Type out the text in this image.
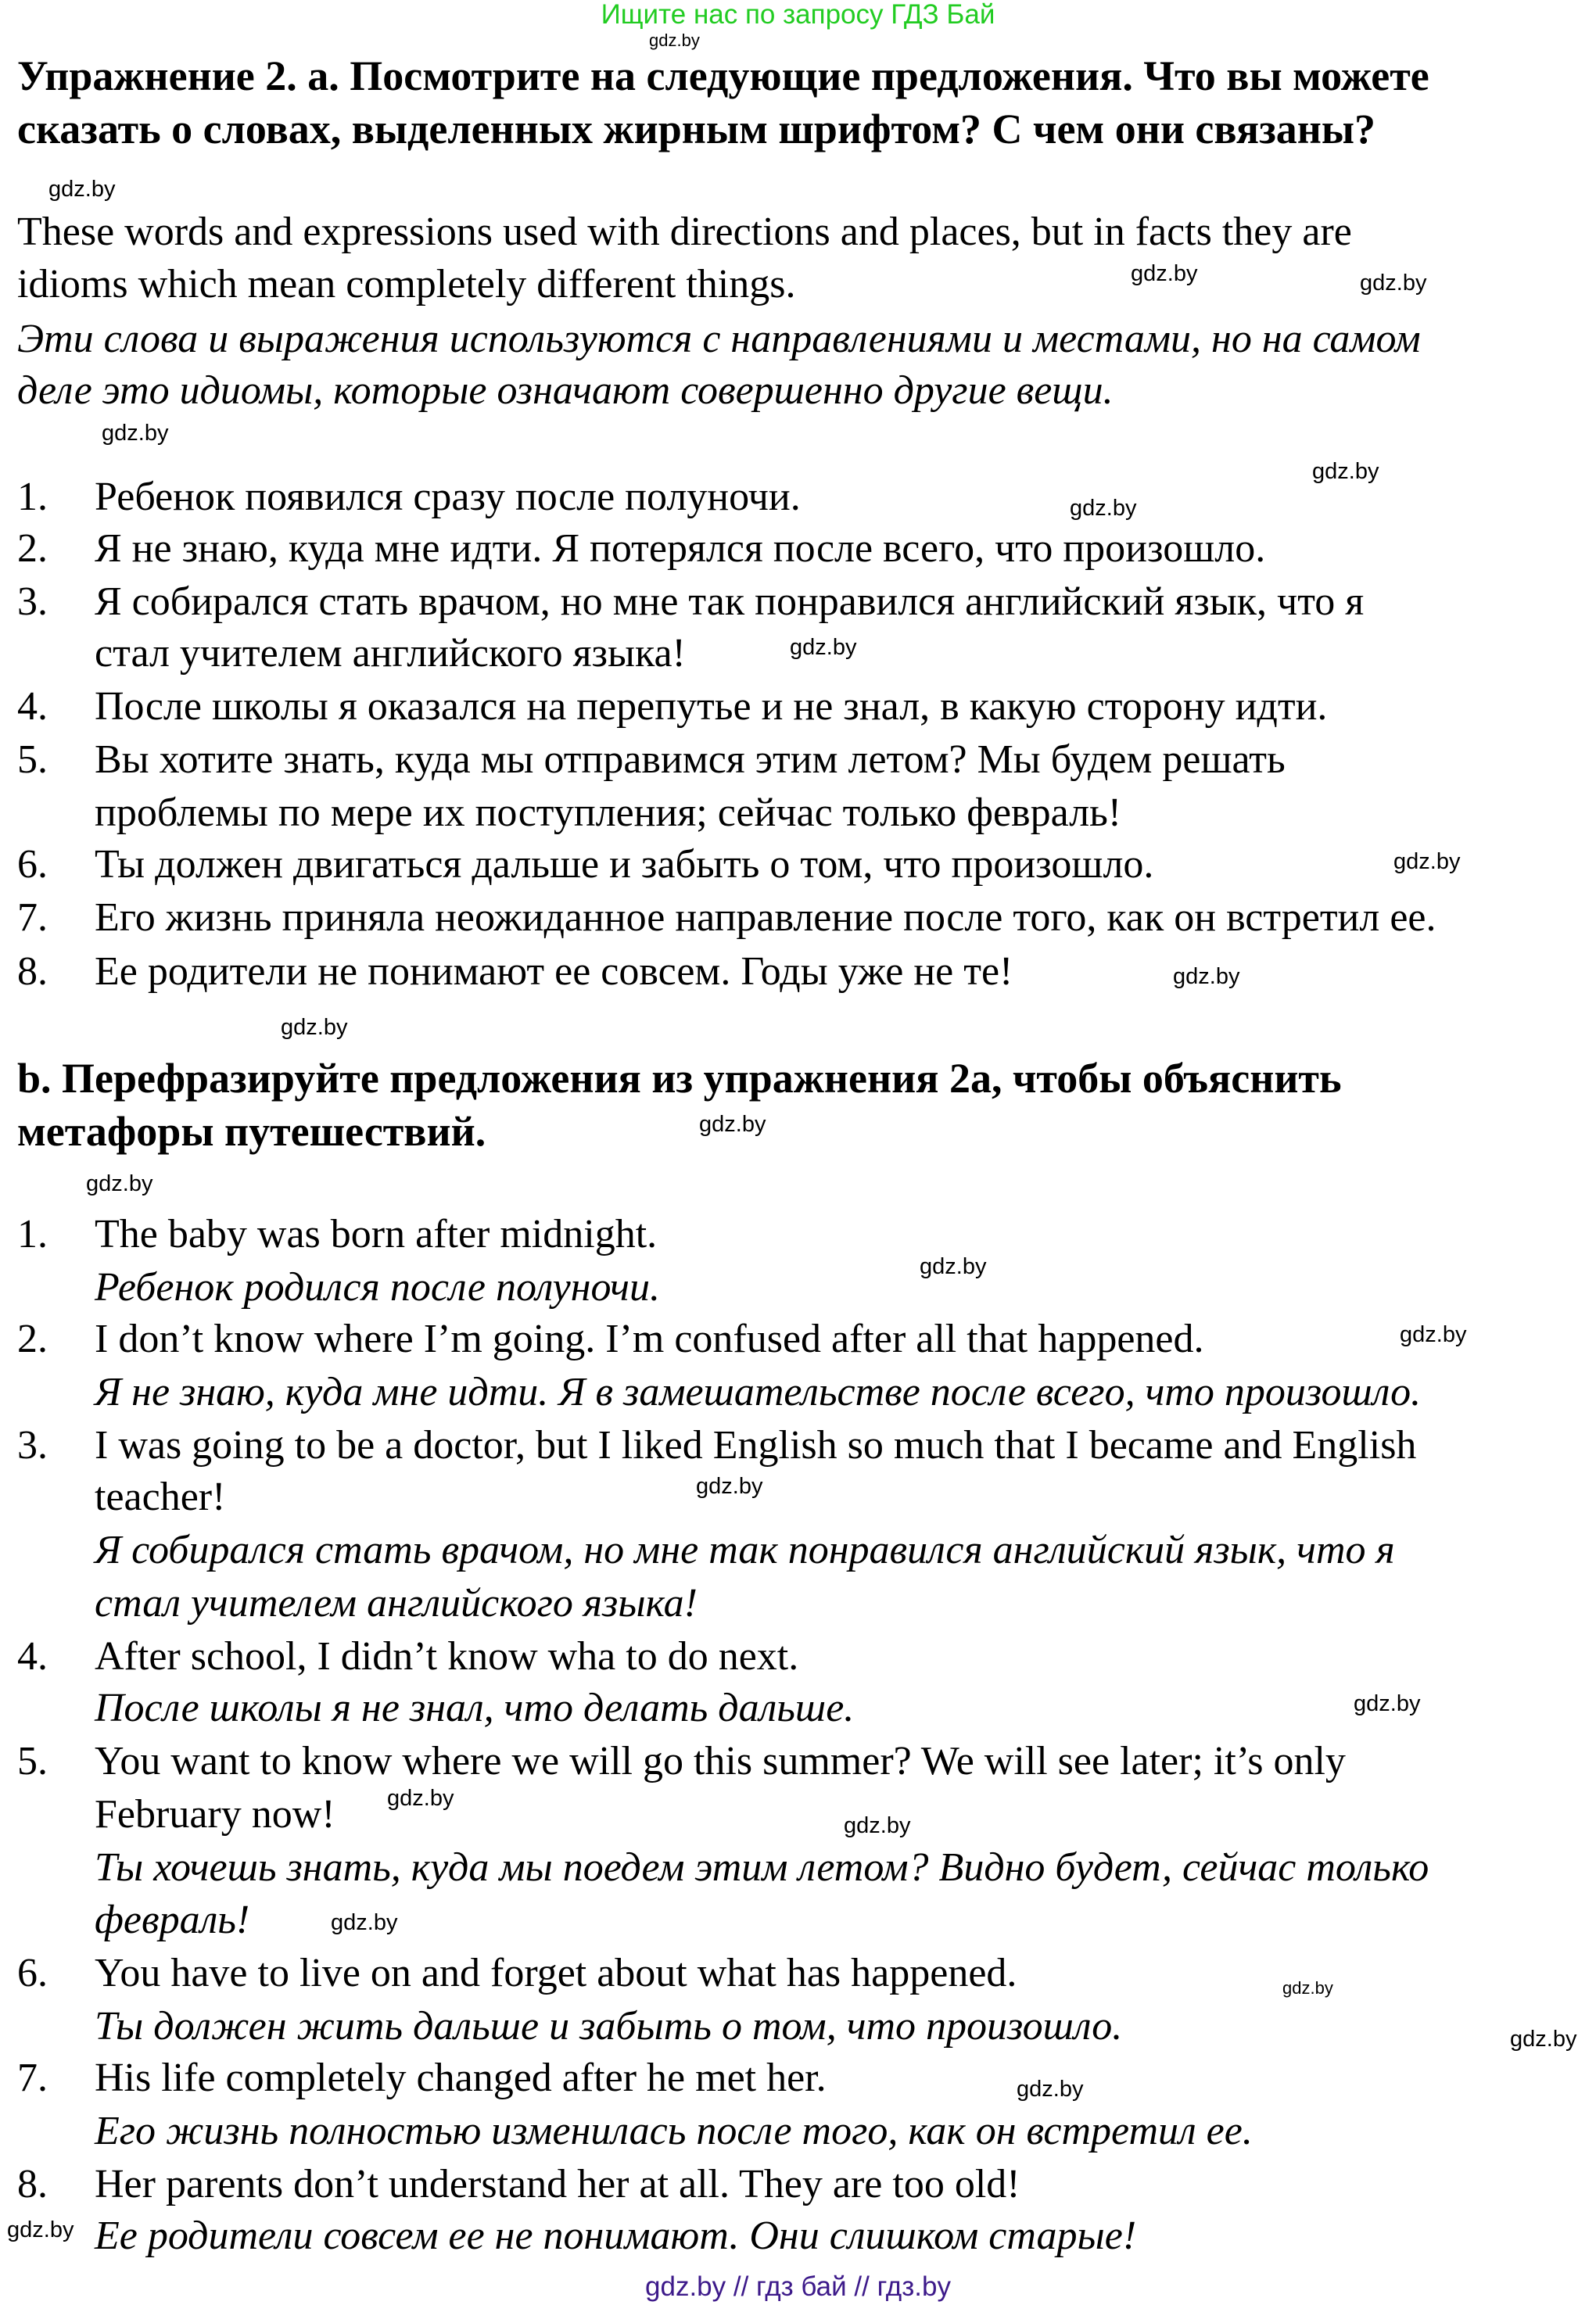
Ищите нас по запросу ГДЗ Бай
Упражнение 2. а. Посмотрите на следующие предложения. Что вы можете
сказать о словах, выделенных жирным шрифтом? С чем они связаны?
These words and expressions used with directions and places, but in facts they are
idioms which mean completely different things.
Эти слова и выражения используются с направлениями и местами, но на самом
деле это идиомы, которые означают совершенно другие вещи.
1. Ребенок появился сразу после полуночи.
2. Я не знаю, куда мне идти. Я потерялся после всего, что произошло.
3. Я собирался стать врачом, но мне так понравился английский язык, что я
стал учителем английского языка!
4. После школы я оказался на перепутье и не знал, в какую сторону идти.
5. Вы хотите знать, куда мы отправимся этим летом? Мы будем решать
проблемы по мере их поступления; сейчас только февраль!
6. Ты должен двигаться дальше и забыть о том, что произошло.
7. Его жизнь приняла неожиданное направление после того, как он встретил ее.
8. Ее родители не понимают ее совсем. Годы уже не те!
b. Перефразируйте предложения из упражнения 2a, чтобы объяснить
метафоры путешествий.
1. The baby was born after midnight.
Ребенок родился после полуночи.
2. I don’t know where I’m going. I’m confused after all that happened.
Я не знаю, куда мне идти. Я в замешательстве после всего, что произошло.
3. I was going to be a doctor, but I liked English so much that I became and English
teacher!
Я собирался стать врачом, но мне так понравился английский язык, что я
стал учителем английского языка!
4. After school, I didn’t know wha to do next.
После школы я не знал, что делать дальше.
5. You want to know where we will go this summer? We will see later; it’s only
February now!
Ты хочешь знать, куда мы поедем этим летом? Видно будет, сейчас только
февраль!
6. You have to live on and forget about what has happened.
Ты должен жить дальше и забыть о том, что произошло.
7. His life completely changed after he met her.
Его жизнь полностью изменилась после того, как он встретил ее.
8. Her parents don’t understand her at all. They are too old!
Ее родители совсем ее не понимают. Они слишком старые!
gdz.by
gdz.by
gdz.by	gdz.by
gdz.by
gdz.by
gdz.by
gdz.by
gdz.by
gdz.by
gdz.by
gdz.by
gdz.by
gdz.by
gdz.by
gdz.by
gdz.by
gdz.by
gdz.by
gdz.by
gdz.by
gdz.by
gdz.by
gdz.by
gdz.by // гдз бай // гдз.by
